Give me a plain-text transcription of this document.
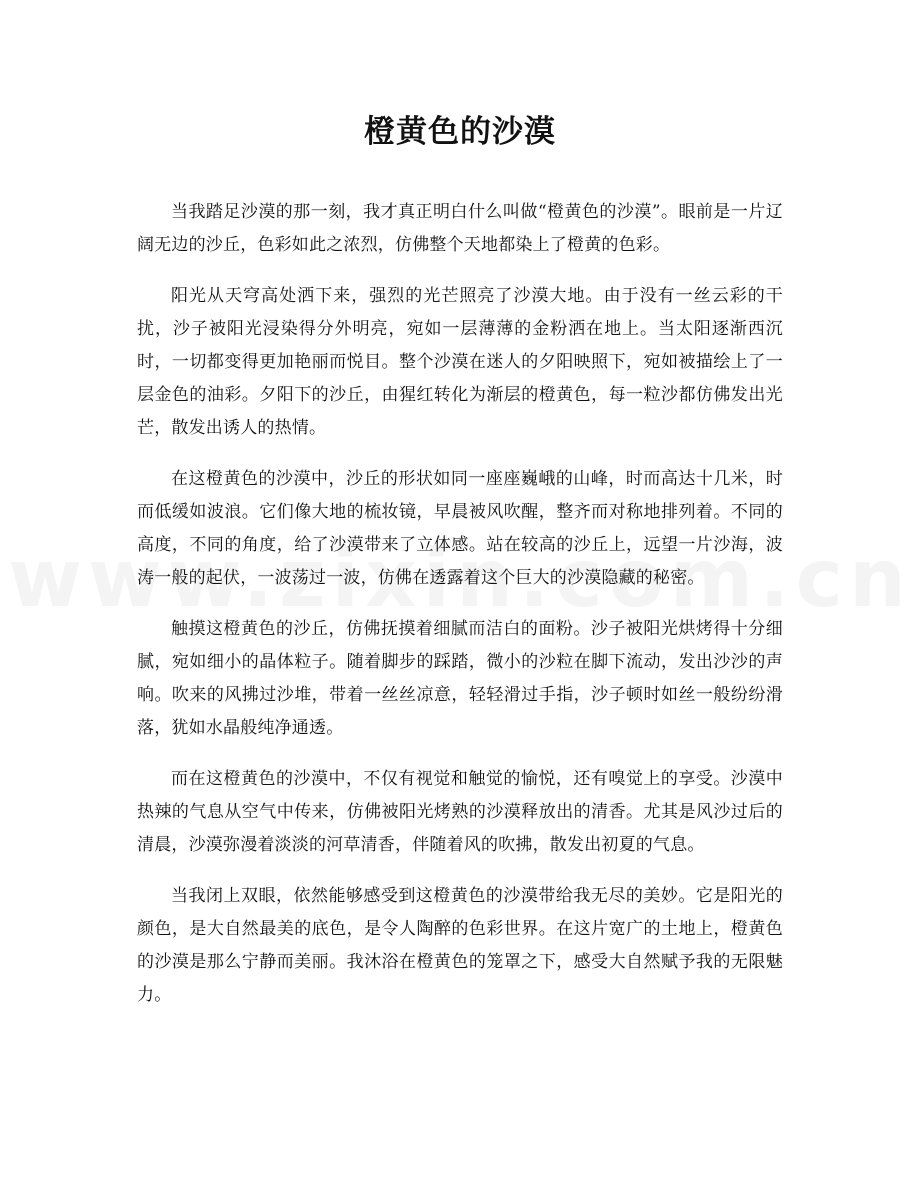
橙黄色的沙漠

当我踏足沙漠的那一刻，我才真正明白什么叫做“橙黄色的沙漠”。眼前是一片辽阔无边的沙丘，色彩如此之浓烈，仿佛整个天地都染上了橙黄的色彩。

阳光从天穹高处洒下来，强烈的光芒照亮了沙漠大地。由于没有一丝云彩的干扰，沙子被阳光浸染得分外明亮，宛如一层薄薄的金粉洒在地上。当太阳逐渐西沉时，一切都变得更加艳丽而悦目。整个沙漠在迷人的夕阳映照下，宛如被描绘上了一层金色的油彩。夕阳下的沙丘，由猩红转化为渐层的橙黄色，每一粒沙都仿佛发出光芒，散发出诱人的热情。

在这橙黄色的沙漠中，沙丘的形状如同一座座巍峨的山峰，时而高达十几米，时而低缓如波浪。它们像大地的梳妆镜，早晨被风吹醒，整齐而对称地排列着。不同的高度，不同的角度，给了沙漠带来了立体感。站在较高的沙丘上，远望一片沙海，波涛一般的起伏，一波荡过一波，仿佛在透露着这个巨大的沙漠隐藏的秘密。

触摸这橙黄色的沙丘，仿佛抚摸着细腻而洁白的面粉。沙子被阳光烘烤得十分细腻，宛如细小的晶体粒子。随着脚步的踩踏，微小的沙粒在脚下流动，发出沙沙的声响。吹来的风拂过沙堆，带着一丝丝凉意，轻轻滑过手指，沙子顿时如丝一般纷纷滑落，犹如水晶般纯净通透。

而在这橙黄色的沙漠中，不仅有视觉和触觉的愉悦，还有嗅觉上的享受。沙漠中热辣的气息从空气中传来，仿佛被阳光烤熟的沙漠释放出的清香。尤其是风沙过后的清晨，沙漠弥漫着淡淡的河草清香，伴随着风的吹拂，散发出初夏的气息。

当我闭上双眼，依然能够感受到这橙黄色的沙漠带给我无尽的美妙。它是阳光的颜色，是大自然最美的底色，是令人陶醉的色彩世界。在这片宽广的土地上，橙黄色的沙漠是那么宁静而美丽。我沐浴在橙黄色的笼罩之下，感受大自然赋予我的无限魅力。
